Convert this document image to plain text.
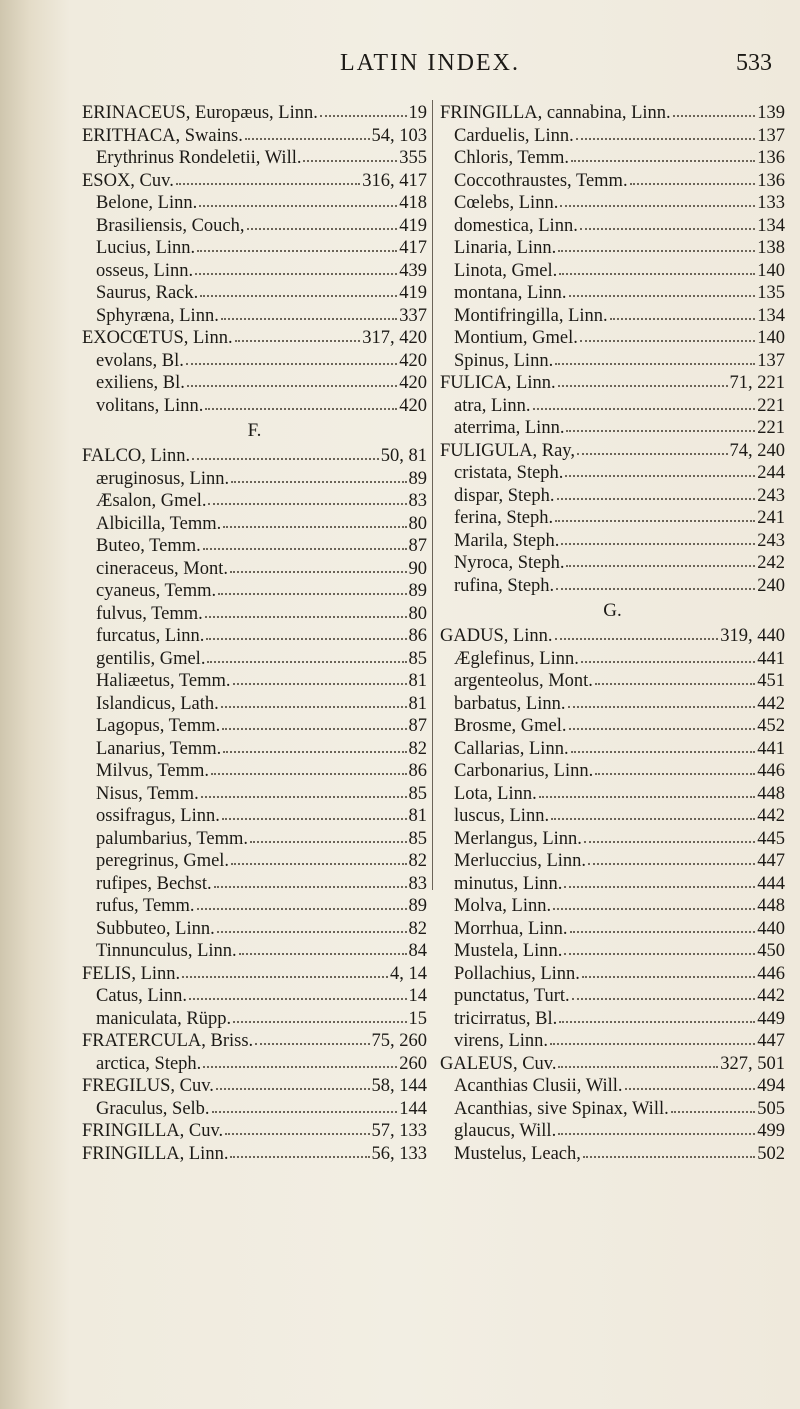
LATIN INDEX.	533
ERINACEUS, Europæus, Linn.	19
ERITHACA, Swains.	54, 103
Erythrinus Rondeletii, Will.	355
ESOX, Cuv.	316, 417
Belone, Linn.	418
Brasiliensis, Couch,	419
Lucius, Linn.	417
osseus, Linn.	439
Saurus, Rack.	419
Sphyræna, Linn.	337
EXOCŒTUS, Linn.	317, 420
evolans, Bl.	420
exiliens, Bl.	420
volitans, Linn.	420
F.
FALCO, Linn.	50, 81
æruginosus, Linn.	89
Æsalon, Gmel.	83
Albicilla, Temm.	80
Buteo, Temm.	87
cineraceus, Mont.	90
cyaneus, Temm.	89
fulvus, Temm.	80
furcatus, Linn.	86
gentilis, Gmel.	85
Haliæetus, Temm.	81
Islandicus, Lath.	81
Lagopus, Temm.	87
Lanarius, Temm.	82
Milvus, Temm.	86
Nisus, Temm.	85
ossifragus, Linn.	81
palumbarius, Temm.	85
peregrinus, Gmel.	82
rufipes, Bechst.	83
rufus, Temm.	89
Subbuteo, Linn.	82
Tinnunculus, Linn.	84
FELIS, Linn.	4, 14
Catus, Linn.	14
maniculata, Rüpp.	15
FRATERCULA, Briss.	75, 260
arctica, Steph.	260
FREGILUS, Cuv.	58, 144
Graculus, Selb.	144
FRINGILLA, Cuv.	57, 133
FRINGILLA, Linn.	56, 133
FRINGILLA, cannabina, Linn.	139
Carduelis, Linn.	137
Chloris, Temm.	136
Coccothraustes, Temm.	136
Cœlebs, Linn.	133
domestica, Linn.	134
Linaria, Linn.	138
Linota, Gmel.	140
montana, Linn.	135
Montifringilla, Linn.	134
Montium, Gmel.	140
Spinus, Linn.	137
FULICA, Linn.	71, 221
atra, Linn.	221
aterrima, Linn.	221
FULIGULA, Ray,	74, 240
cristata, Steph.	244
dispar, Steph.	243
ferina, Steph.	241
Marila, Steph.	243
Nyroca, Steph.	242
rufina, Steph.	240
G.
GADUS, Linn.	319, 440
Æglefinus, Linn.	441
argenteolus, Mont.	451
barbatus, Linn.	442
Brosme, Gmel.	452
Callarias, Linn.	441
Carbonarius, Linn.	446
Lota, Linn.	448
luscus, Linn.	442
Merlangus, Linn.	445
Merluccius, Linn.	447
minutus, Linn.	444
Molva, Linn.	448
Morrhua, Linn.	440
Mustela, Linn.	450
Pollachius, Linn.	446
punctatus, Turt.	442
tricirratus, Bl.	449
virens, Linn.	447
GALEUS, Cuv.	327, 501
Acanthias Clusii, Will.	494
Acanthias, sive Spinax, Will.	505
glaucus, Will.	499
Mustelus, Leach,	502
